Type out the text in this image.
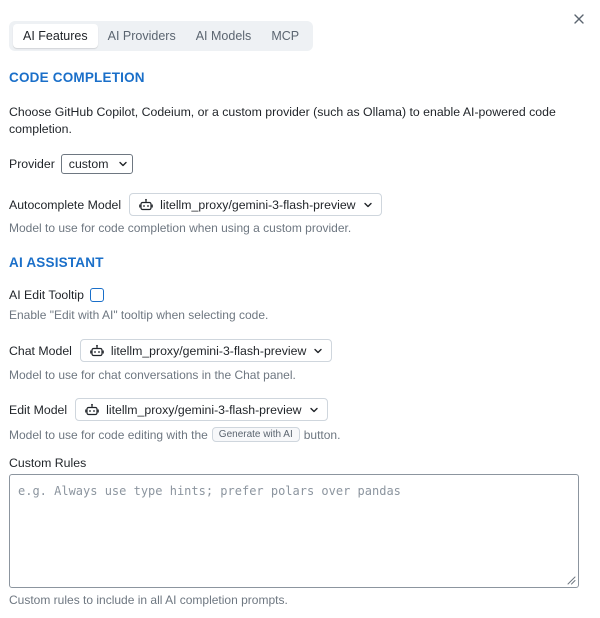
AI Features	AI Providers	AI Models	MCP
CODE COMPLETION
Choose GitHub Copilot, Codeium, or a custom provider (such as Ollama) to enable AI-powered code completion.
Provider custom
Autocomplete Model	litellm_proxy/gemini-3-flash-preview
Model to use for code completion when using a custom provider.
AI ASSISTANT
AI Edit Tooltip
Enable "Edit with AI" tooltip when selecting code.
Chat Model	litellm_proxy/gemini-3-flash-preview
Model to use for chat conversations in the Chat panel.
Edit Model	litellm_proxy/gemini-3-flash-preview
Model to use for code editing with the	Generate with AI button.
Custom Rules
e.g. Always use type hints; prefer polars over pandas
Custom rules to include in all AI completion prompts.
